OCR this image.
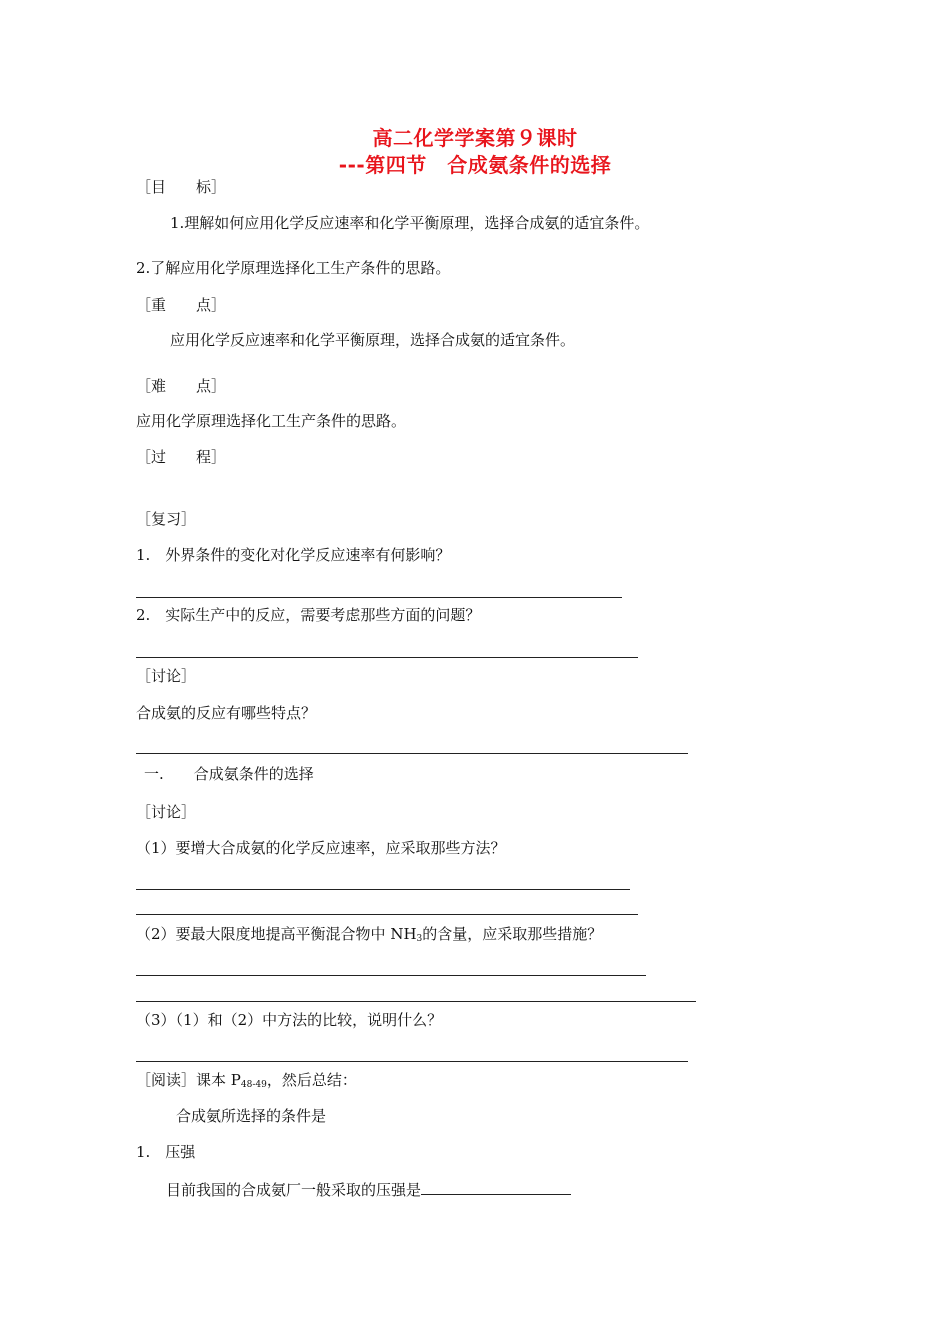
高二化学学案第９课时
---第四节　合成氨条件的选择
［目　　标］
1.理解如何应用化学反应速率和化学平衡原理，选择合成氨的适宜条件。
2.了解应用化学原理选择化工生产条件的思路。
［重　　点］
应用化学反应速率和化学平衡原理，选择合成氨的适宜条件。
［难　　点］
应用化学原理选择化工生产条件的思路。
［过　　程］
［复习］
1.　外界条件的变化对化学反应速率有何影响？
2.　实际生产中的反应，需要考虑那些方面的问题？
［讨论］
合成氨的反应有哪些特点？
一.　　合成氨条件的选择
［讨论］
（1）要增大合成氨的化学反应速率，应采取那些方法？
（2）要最大限度地提高平衡混合物中 $NH_3$的含量，应采取那些措施？
（3）（1）和（2）中方法的比较，说明什么？
［阅读］课本 $P_{48-49}$，然后总结：
合成氨所选择的条件是
1.　压强
目前我国的合成氨厂一般采取的压强是
